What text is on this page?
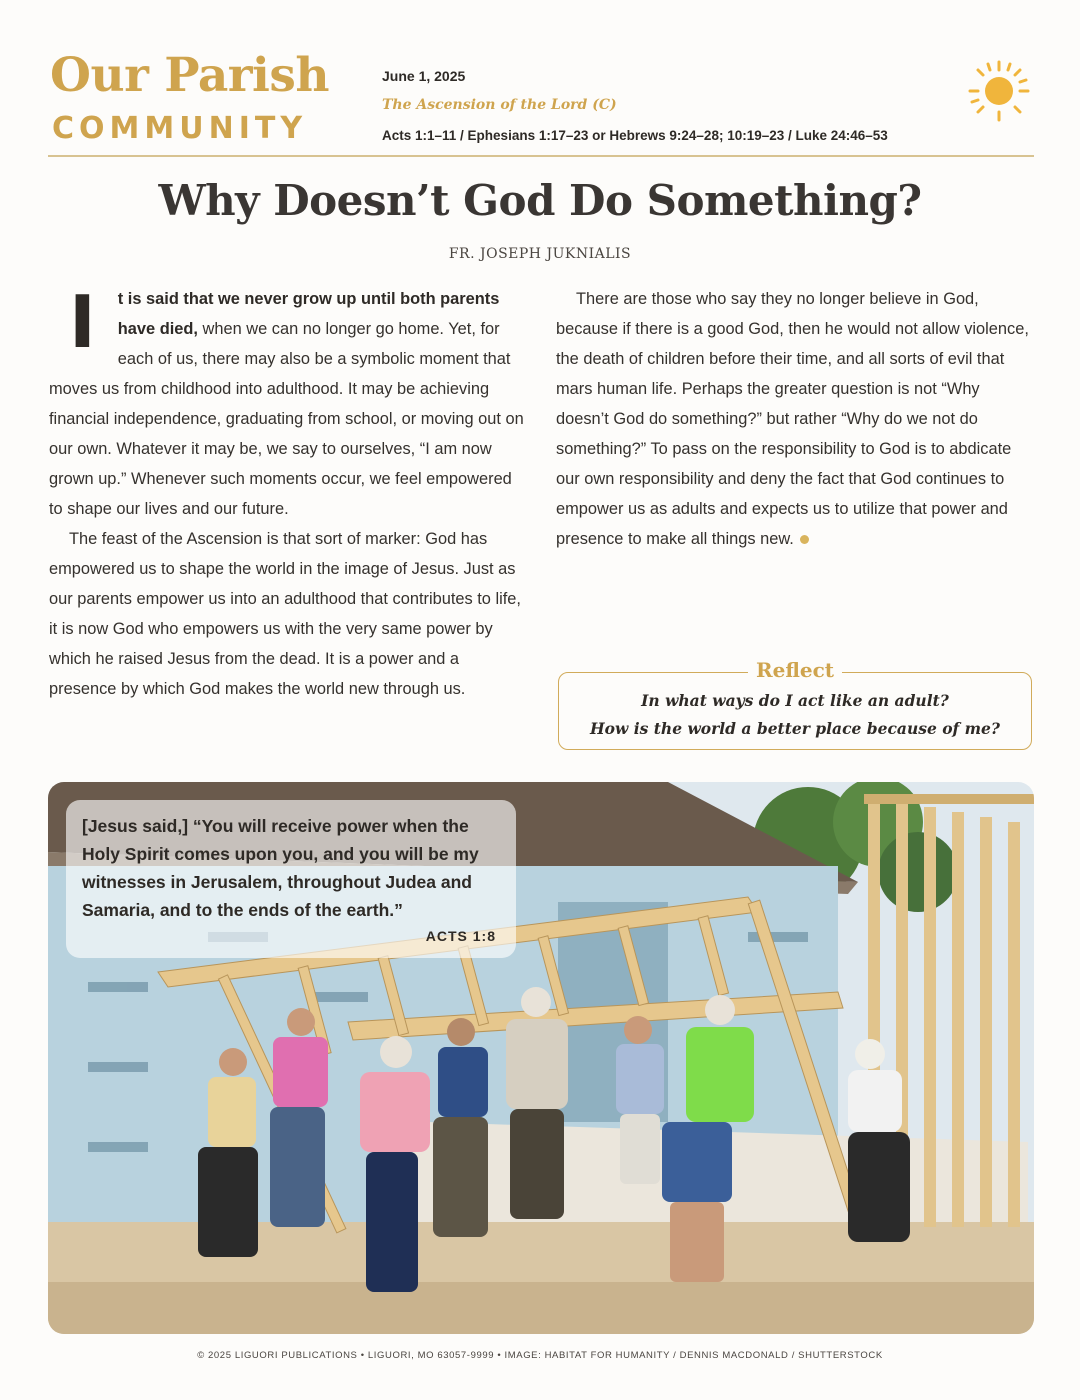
Our Parish
COMMUNITY
June 1, 2025
The Ascension of the Lord (C)
Acts 1:1–11 / Ephesians 1:17–23 or Hebrews 9:24–28; 10:19–23 / Luke 24:46–53
Why Doesn’t God Do Something?
FR. JOSEPH JUKNIALIS

I t is said that we never grow up until both parents have died, when we can no longer go home. Yet, for each of us, there may also be a symbolic moment that moves us from childhood into adulthood. It may be achieving financial independence, graduating from school, or moving out on our own. Whatever it may be, we say to ourselves, “I am now grown up.” Whenever such moments occur, we feel empowered to shape our lives and our future.

The feast of the Ascension is that sort of marker: God has empowered us to shape the world in the image of Jesus. Just as our parents empower us into an adulthood that contributes to life, it is now God who empowers us with the very same power by which he raised Jesus from the dead. It is a power and a presence by which God makes the world new through us.

There are those who say they no longer believe in God, because if there is a good God, then he would not allow violence, the death of children before their time, and all sorts of evil that mars human life. Perhaps the greater question is not “Why doesn’t God do something?” but rather “Why do we not do something?” To pass on the responsibility to God is to abdicate our own responsibility and deny the fact that God continues to empower us as adults and expects us to utilize that power and presence to make all things new.

Reflect
In what ways do I act like an adult?
How is the world a better place because of me?
[Jesus said,] “You will receive power when the Holy Spirit comes upon you, and you will be my witnesses in Jerusalem, throughout Judea and Samaria, and to the ends of the earth.”
ACTS 1:8
© 2025 LIGUORI PUBLICATIONS • LIGUORI, MO 63057-9999 • IMAGE: HABITAT FOR HUMANITY / DENNIS MACDONALD / SHUTTERSTOCK
